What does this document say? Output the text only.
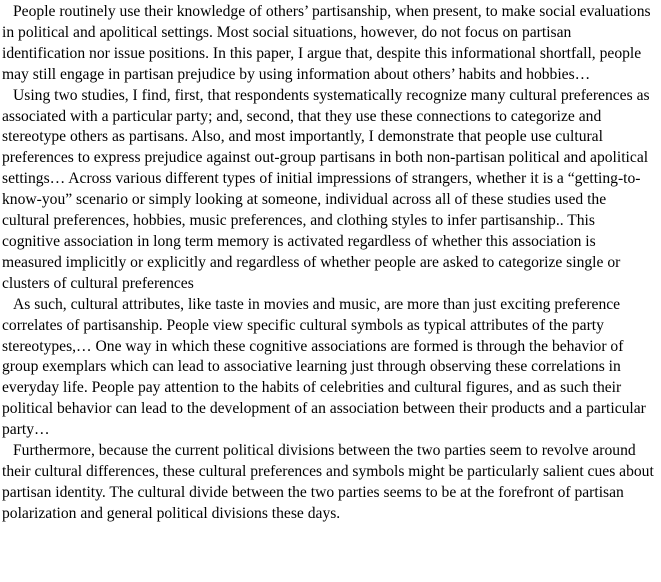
People routinely use their knowledge of others’ partisanship, when present, to make social evaluations in political and apolitical settings. Most social situations, however, do not focus on partisan identification nor issue positions. In this paper, I argue that, despite this informational shortfall, people may still engage in partisan prejudice by using information about others’ habits and hobbies…

Using two studies, I find, first, that respondents systematically recognize many cultural preferences as associated with a particular party; and, second, that they use these connections to categorize and stereotype others as partisans. Also, and most importantly, I demonstrate that people use cultural preferences to express prejudice against out-group partisans in both non-partisan political and apolitical settings… Across various different types of initial impressions of strangers, whether it is a “getting-to-know-you” scenario or simply looking at someone, individual across all of these studies used the cultural preferences, hobbies, music preferences, and clothing styles to infer partisanship.. This cognitive association in long term memory is activated regardless of whether this association is measured implicitly or explicitly and regardless of whether people are asked to categorize single or clusters of cultural preferences

As such, cultural attributes, like taste in movies and music, are more than just exciting preference correlates of partisanship. People view specific cultural symbols as typical attributes of the party stereotypes,… One way in which these cognitive associations are formed is through the behavior of group exemplars which can lead to associative learning just through observing these correlations in everyday life. People pay attention to the habits of celebrities and cultural figures, and as such their political behavior can lead to the development of an association between their products and a particular party…

Furthermore, because the current political divisions between the two parties seem to revolve around their cultural differences, these cultural preferences and symbols might be particularly salient cues about partisan identity. The cultural divide between the two parties seems to be at the forefront of partisan polarization and general political divisions these days.
